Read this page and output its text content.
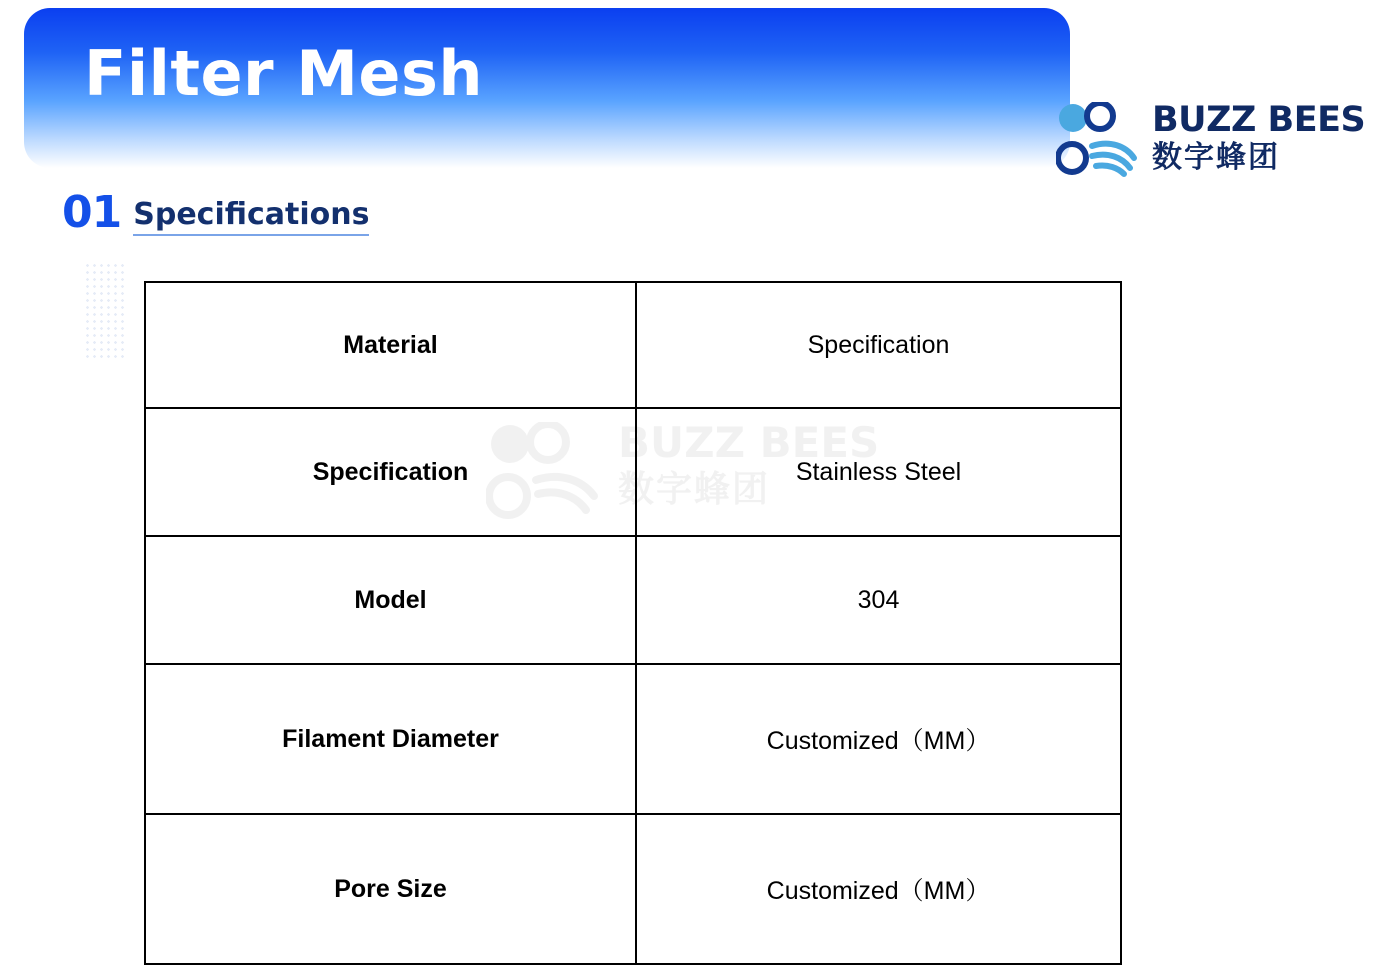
Filter Mesh
BUZZ BEES
数字蜂团
01 Specifications
BUZZ BEES
数字蜂团
Material	Specification
Specification	Stainless Steel
Model	304
Filament Diameter	Customized（MM）
Pore Size	Customized（MM）
